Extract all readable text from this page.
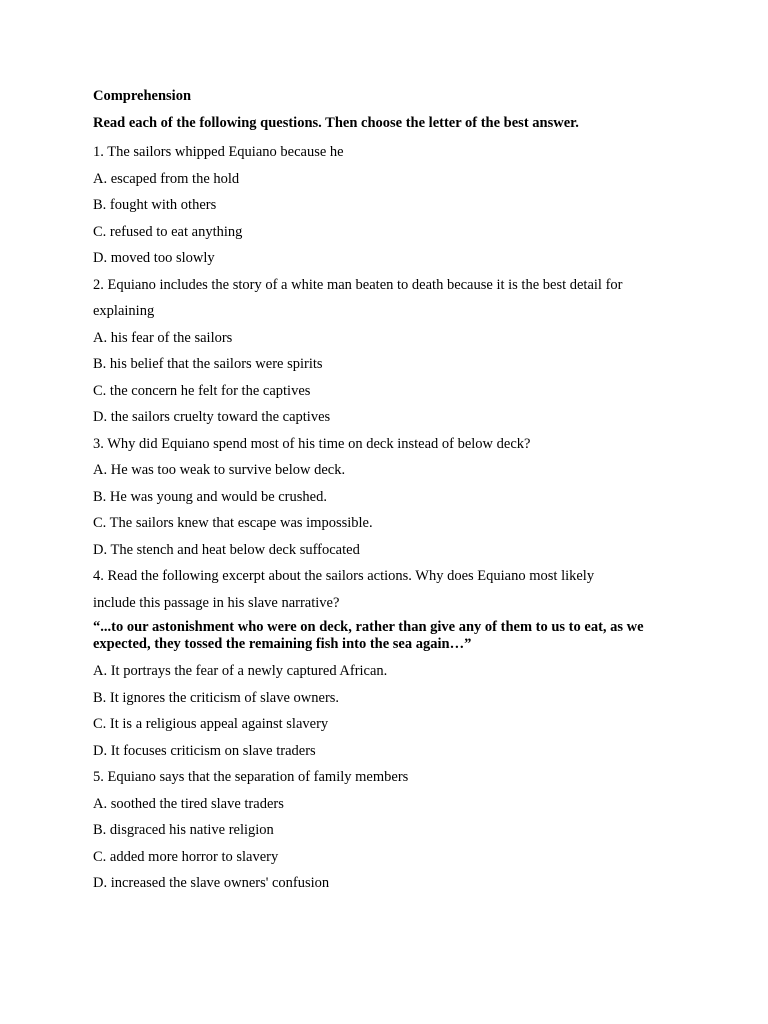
Comprehension
Read each of the following questions. Then choose the letter of the best answer.
1. The sailors whipped Equiano because he
A. escaped from the hold
B. fought with others
C. refused to eat anything
D. moved too slowly
2. Equiano includes the story of a white man beaten to death because it is the best detail for
explaining
A. his fear of the sailors
B. his belief that the sailors were spirits
C. the concern he felt for the captives
D. the sailors cruelty toward the captives
3. Why did Equiano spend most of his time on deck instead of below deck?
A. He was too weak to survive below deck.
B. He was young and would be crushed.
C. The sailors knew that escape was impossible.
D. The stench and heat below deck suffocated
4. Read the following excerpt about the sailors actions. Why does Equiano most likely
include this passage in his slave narrative?
“...to our astonishment who were on deck, rather than give any of them to us to eat, as we expected, they tossed the remaining fish into the sea again…”
A. It portrays the fear of a newly captured African.
B. It ignores the criticism of slave owners.
C. It is a religious appeal against slavery
D. It focuses criticism on slave traders
5. Equiano says that the separation of family members
A. soothed the tired slave traders
B. disgraced his native religion
C. added more horror to slavery
D. increased the slave owners' confusion
